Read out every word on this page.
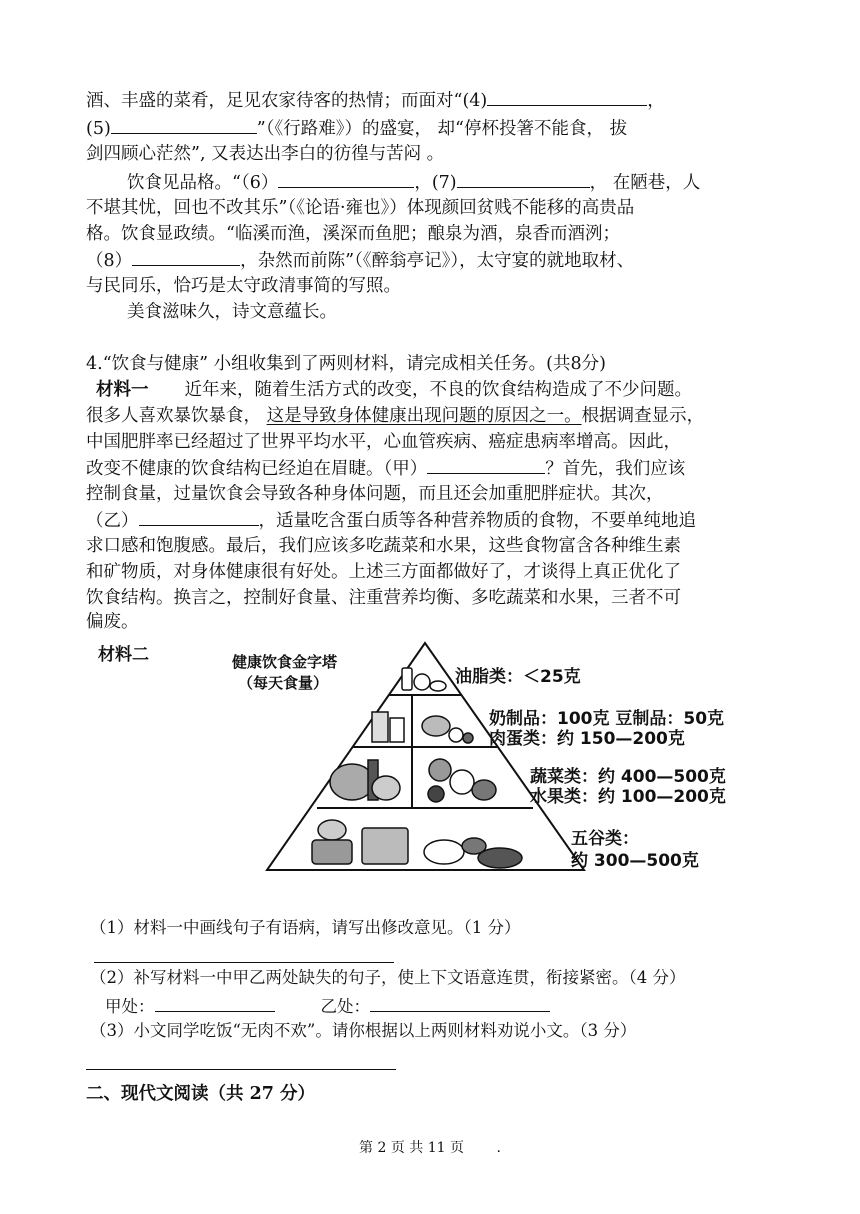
酒、丰盛的菜肴，足见农家待客的热情；而面对“(4)	，
(5)	”（《行路难》）的盛宴， 却“停杯投箸不能食， 拔
剑四顾心茫然”, 又表达出李白的彷徨与苦闷 。
饮食见品格。“（6）	，(7)	， 在陋巷，人
不堪其忧，回也不改其乐”（《论语·雍也》）体现颜回贫贱不能移的高贵品
格。饮食显政绩。“临溪而渔，溪深而鱼肥；酿泉为酒，泉香而酒洌；
（8）	，杂然而前陈”（《醉翁亭记》），太守宴的就地取材、
与民同乐，恰巧是太守政清事简的写照。
美食滋味久，诗文意蕴长。
4.“饮食与健康” 小组收集到了两则材料，请完成相关任务。(共8分)
材料一 近年来，随着生活方式的改变，不良的饮食结构造成了不少问题。
很多人喜欢暴饮暴食， 这是导致身体健康出现问题的原因之一。根据调查显示，
中国肥胖率已经超过了世界平均水平，心血管疾病、癌症患病率增高。因此，
改变不健康的饮食结构已经迫在眉睫。（甲）	？首先，我们应该
控制食量，过量饮食会导致各种身体问题，而且还会加重肥胖症状。其次，
（乙）	，适量吃含蛋白质等各种营养物质的食物，不要单纯地追
求口感和饱腹感。最后，我们应该多吃蔬菜和水果，这些食物富含各种维生素
和矿物质，对身体健康很有好处。上述三方面都做好了，才谈得上真正优化了
饮食结构。换言之，控制好食量、注重营养均衡、多吃蔬菜和水果，三者不可
偏废。
材料二	健康饮食金字塔
（每天食量）	油脂类：＜25克
奶制品：100克 豆制品：50克
肉蛋类：约 150—200克
蔬菜类：约 400—500克
水果类：约 100—200克
五谷类：
约 300—500克
（1）材料一中画线句子有语病，请写出修改意见。（1 分）
（2）补写材料一中甲乙两处缺失的句子，使上下文语意连贯，衔接紧密。（4 分）
甲处：	乙处：
（3）小文同学吃饭“无肉不欢”。请你根据以上两则材料劝说小文。（3 分）
二、现代文阅读（共 27 分）
第 2 页 共 11 页 .
